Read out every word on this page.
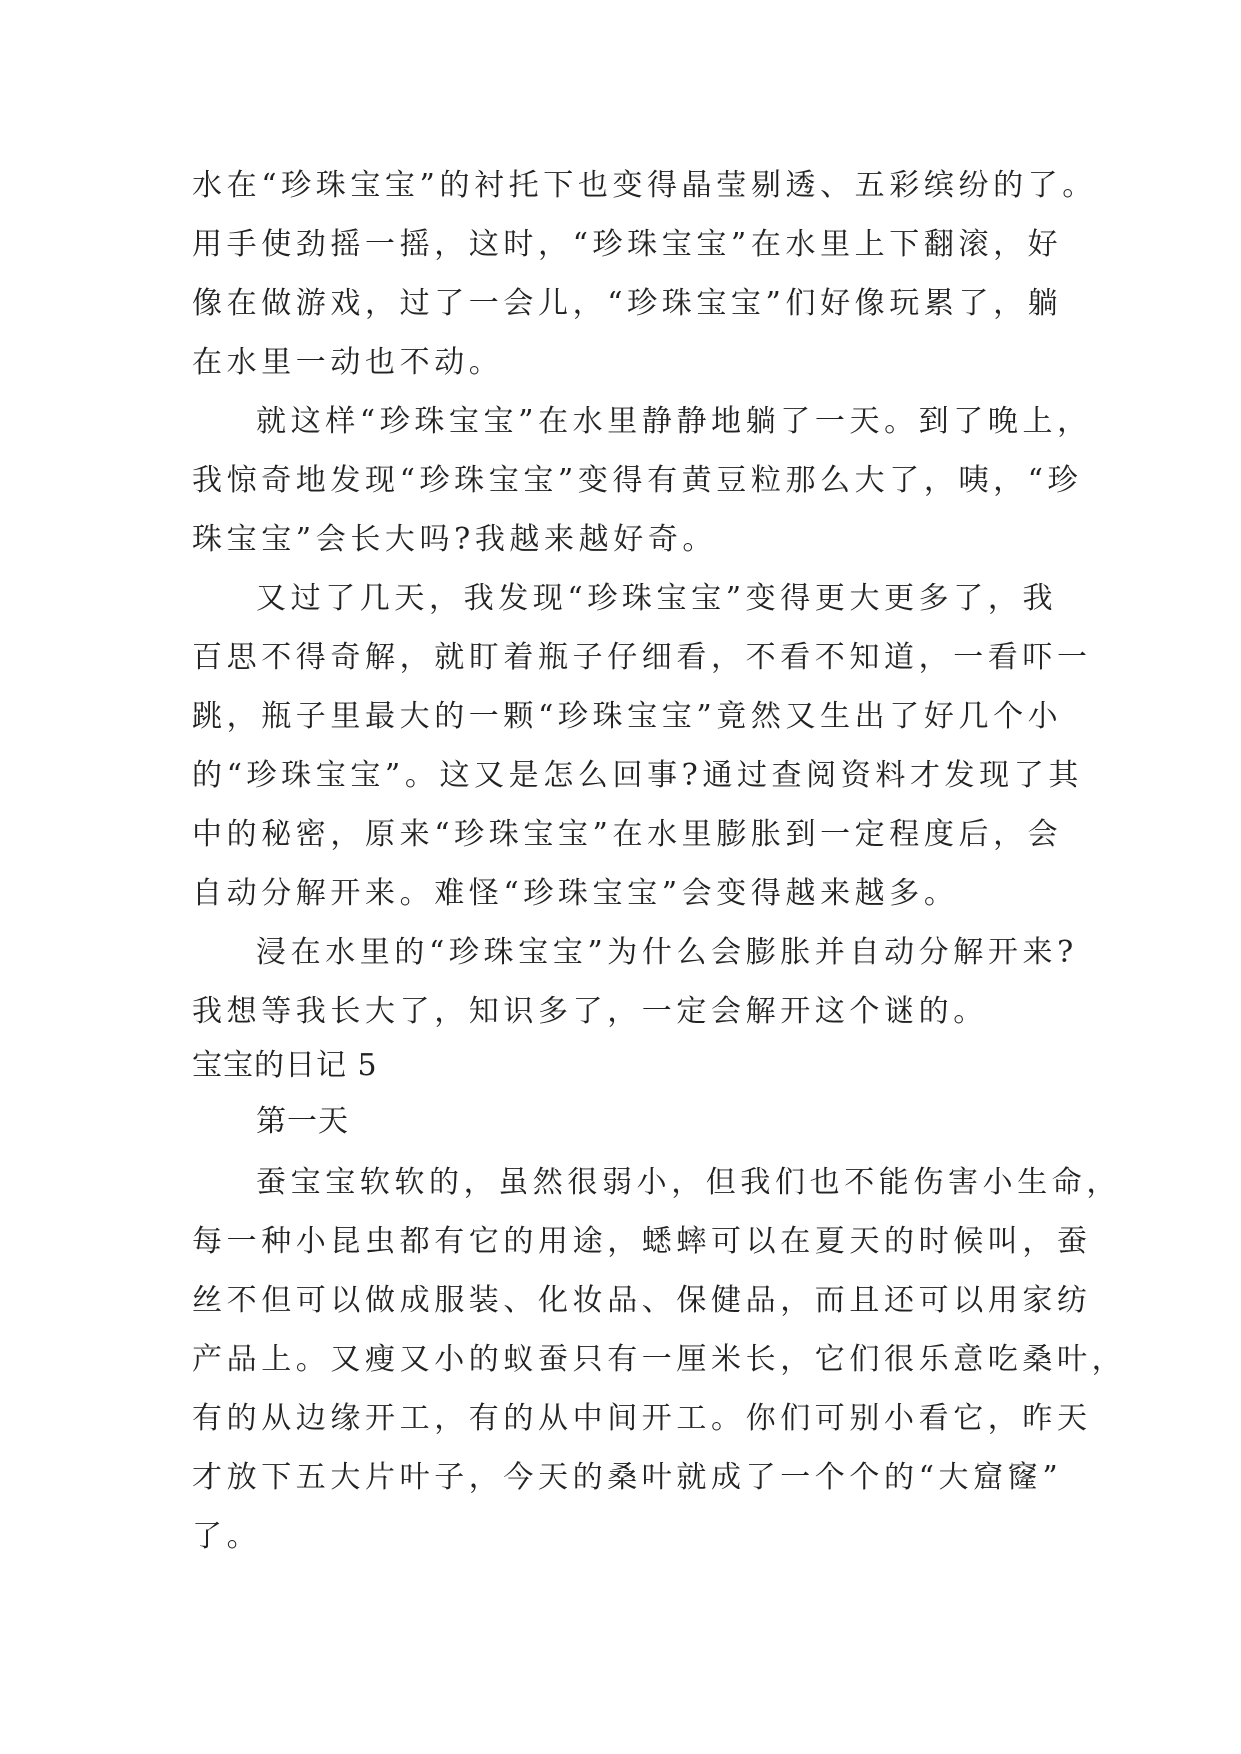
水在“珍珠宝宝”的衬托下也变得晶莹剔透、五彩缤纷的了。
用手使劲摇一摇，这时，“珍珠宝宝”在水里上下翻滚，好
像在做游戏，过了一会儿，“珍珠宝宝”们好像玩累了，躺
在水里一动也不动。
就这样“珍珠宝宝”在水里静静地躺了一天。到了晚上，
我惊奇地发现“珍珠宝宝”变得有黄豆粒那么大了，咦，“珍
珠宝宝”会长大吗?我越来越好奇。
又过了几天，我发现“珍珠宝宝”变得更大更多了，我
百思不得奇解，就盯着瓶子仔细看，不看不知道，一看吓一
跳，瓶子里最大的一颗“珍珠宝宝”竟然又生出了好几个小
的“珍珠宝宝”。这又是怎么回事?通过查阅资料才发现了其
中的秘密，原来“珍珠宝宝”在水里膨胀到一定程度后，会
自动分解开来。难怪“珍珠宝宝”会变得越来越多。
浸在水里的“珍珠宝宝”为什么会膨胀并自动分解开来?
我想等我长大了，知识多了，一定会解开这个谜的。
宝宝的日记 5
第一天
蚕宝宝软软的，虽然很弱小，但我们也不能伤害小生命，
每一种小昆虫都有它的用途，蟋蟀可以在夏天的时候叫，蚕
丝不但可以做成服装、化妆品、保健品，而且还可以用家纺
产品上。又瘦又小的蚁蚕只有一厘米长，它们很乐意吃桑叶，
有的从边缘开工，有的从中间开工。你们可别小看它，昨天
才放下五大片叶子，今天的桑叶就成了一个个的“大窟窿”
了。
